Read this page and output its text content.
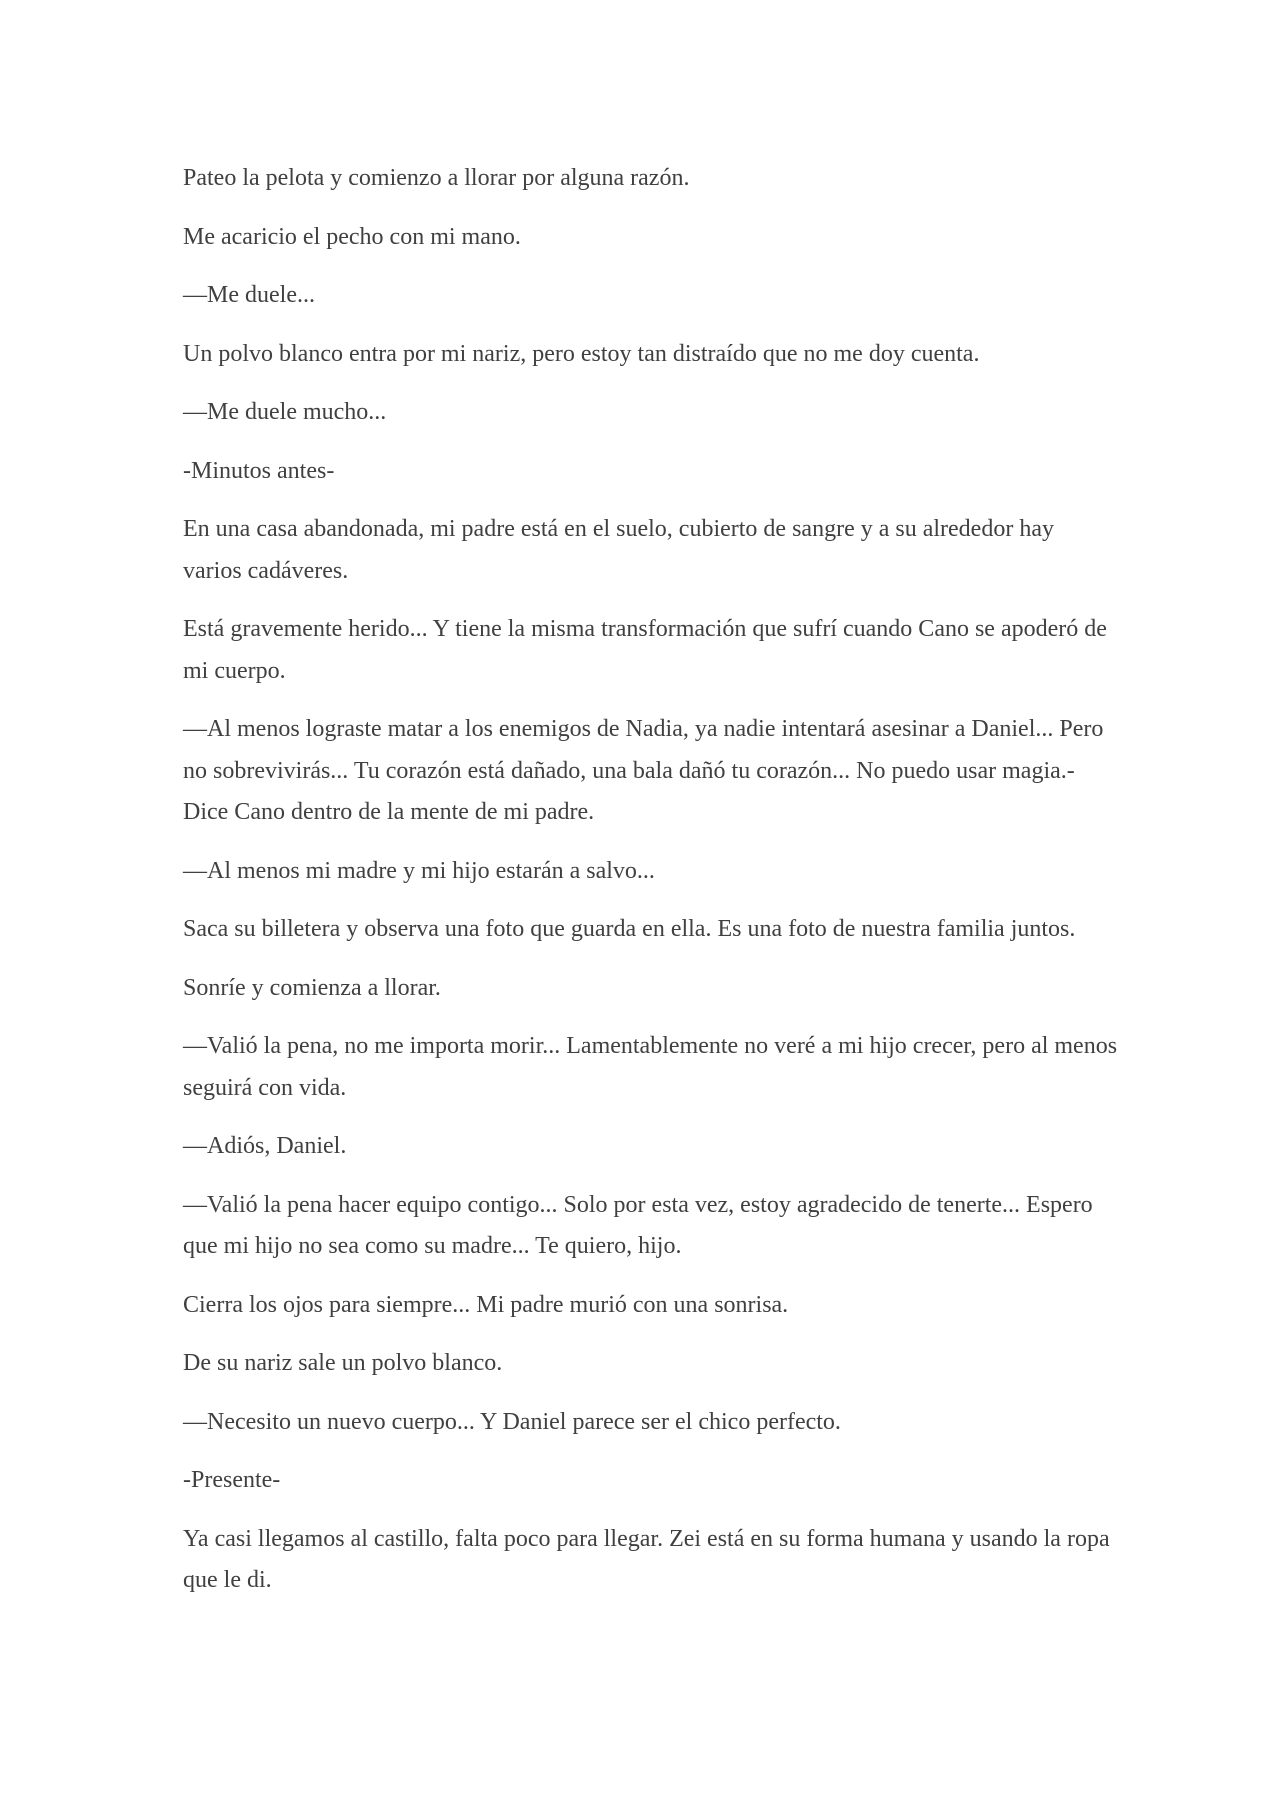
Pateo la pelota y comienzo a llorar por alguna razón.

Me acaricio el pecho con mi mano.

—Me duele...

Un polvo blanco entra por mi nariz, pero estoy tan distraído que no me doy cuenta.

—Me duele mucho...

-Minutos antes-

En una casa abandonada, mi padre está en el suelo, cubierto de sangre y a su alrededor hay varios cadáveres.

Está gravemente herido... Y tiene la misma transformación que sufrí cuando Cano se apoderó de mi cuerpo.

—Al menos lograste matar a los enemigos de Nadia, ya nadie intentará asesinar a Daniel... Pero no sobrevivirás... Tu corazón está dañado, una bala dañó tu corazón... No puedo usar magia.- Dice Cano dentro de la mente de mi padre.

—Al menos mi madre y mi hijo estarán a salvo...

Saca su billetera y observa una foto que guarda en ella. Es una foto de nuestra familia juntos.

Sonríe y comienza a llorar.

—Valió la pena, no me importa morir... Lamentablemente no veré a mi hijo crecer, pero al menos seguirá con vida.

—Adiós, Daniel.

—Valió la pena hacer equipo contigo... Solo por esta vez, estoy agradecido de tenerte... Espero que mi hijo no sea como su madre... Te quiero, hijo.

Cierra los ojos para siempre... Mi padre murió con una sonrisa.

De su nariz sale un polvo blanco.

—Necesito un nuevo cuerpo... Y Daniel parece ser el chico perfecto.

-Presente-

Ya casi llegamos al castillo, falta poco para llegar. Zei está en su forma humana y usando la ropa que le di.
